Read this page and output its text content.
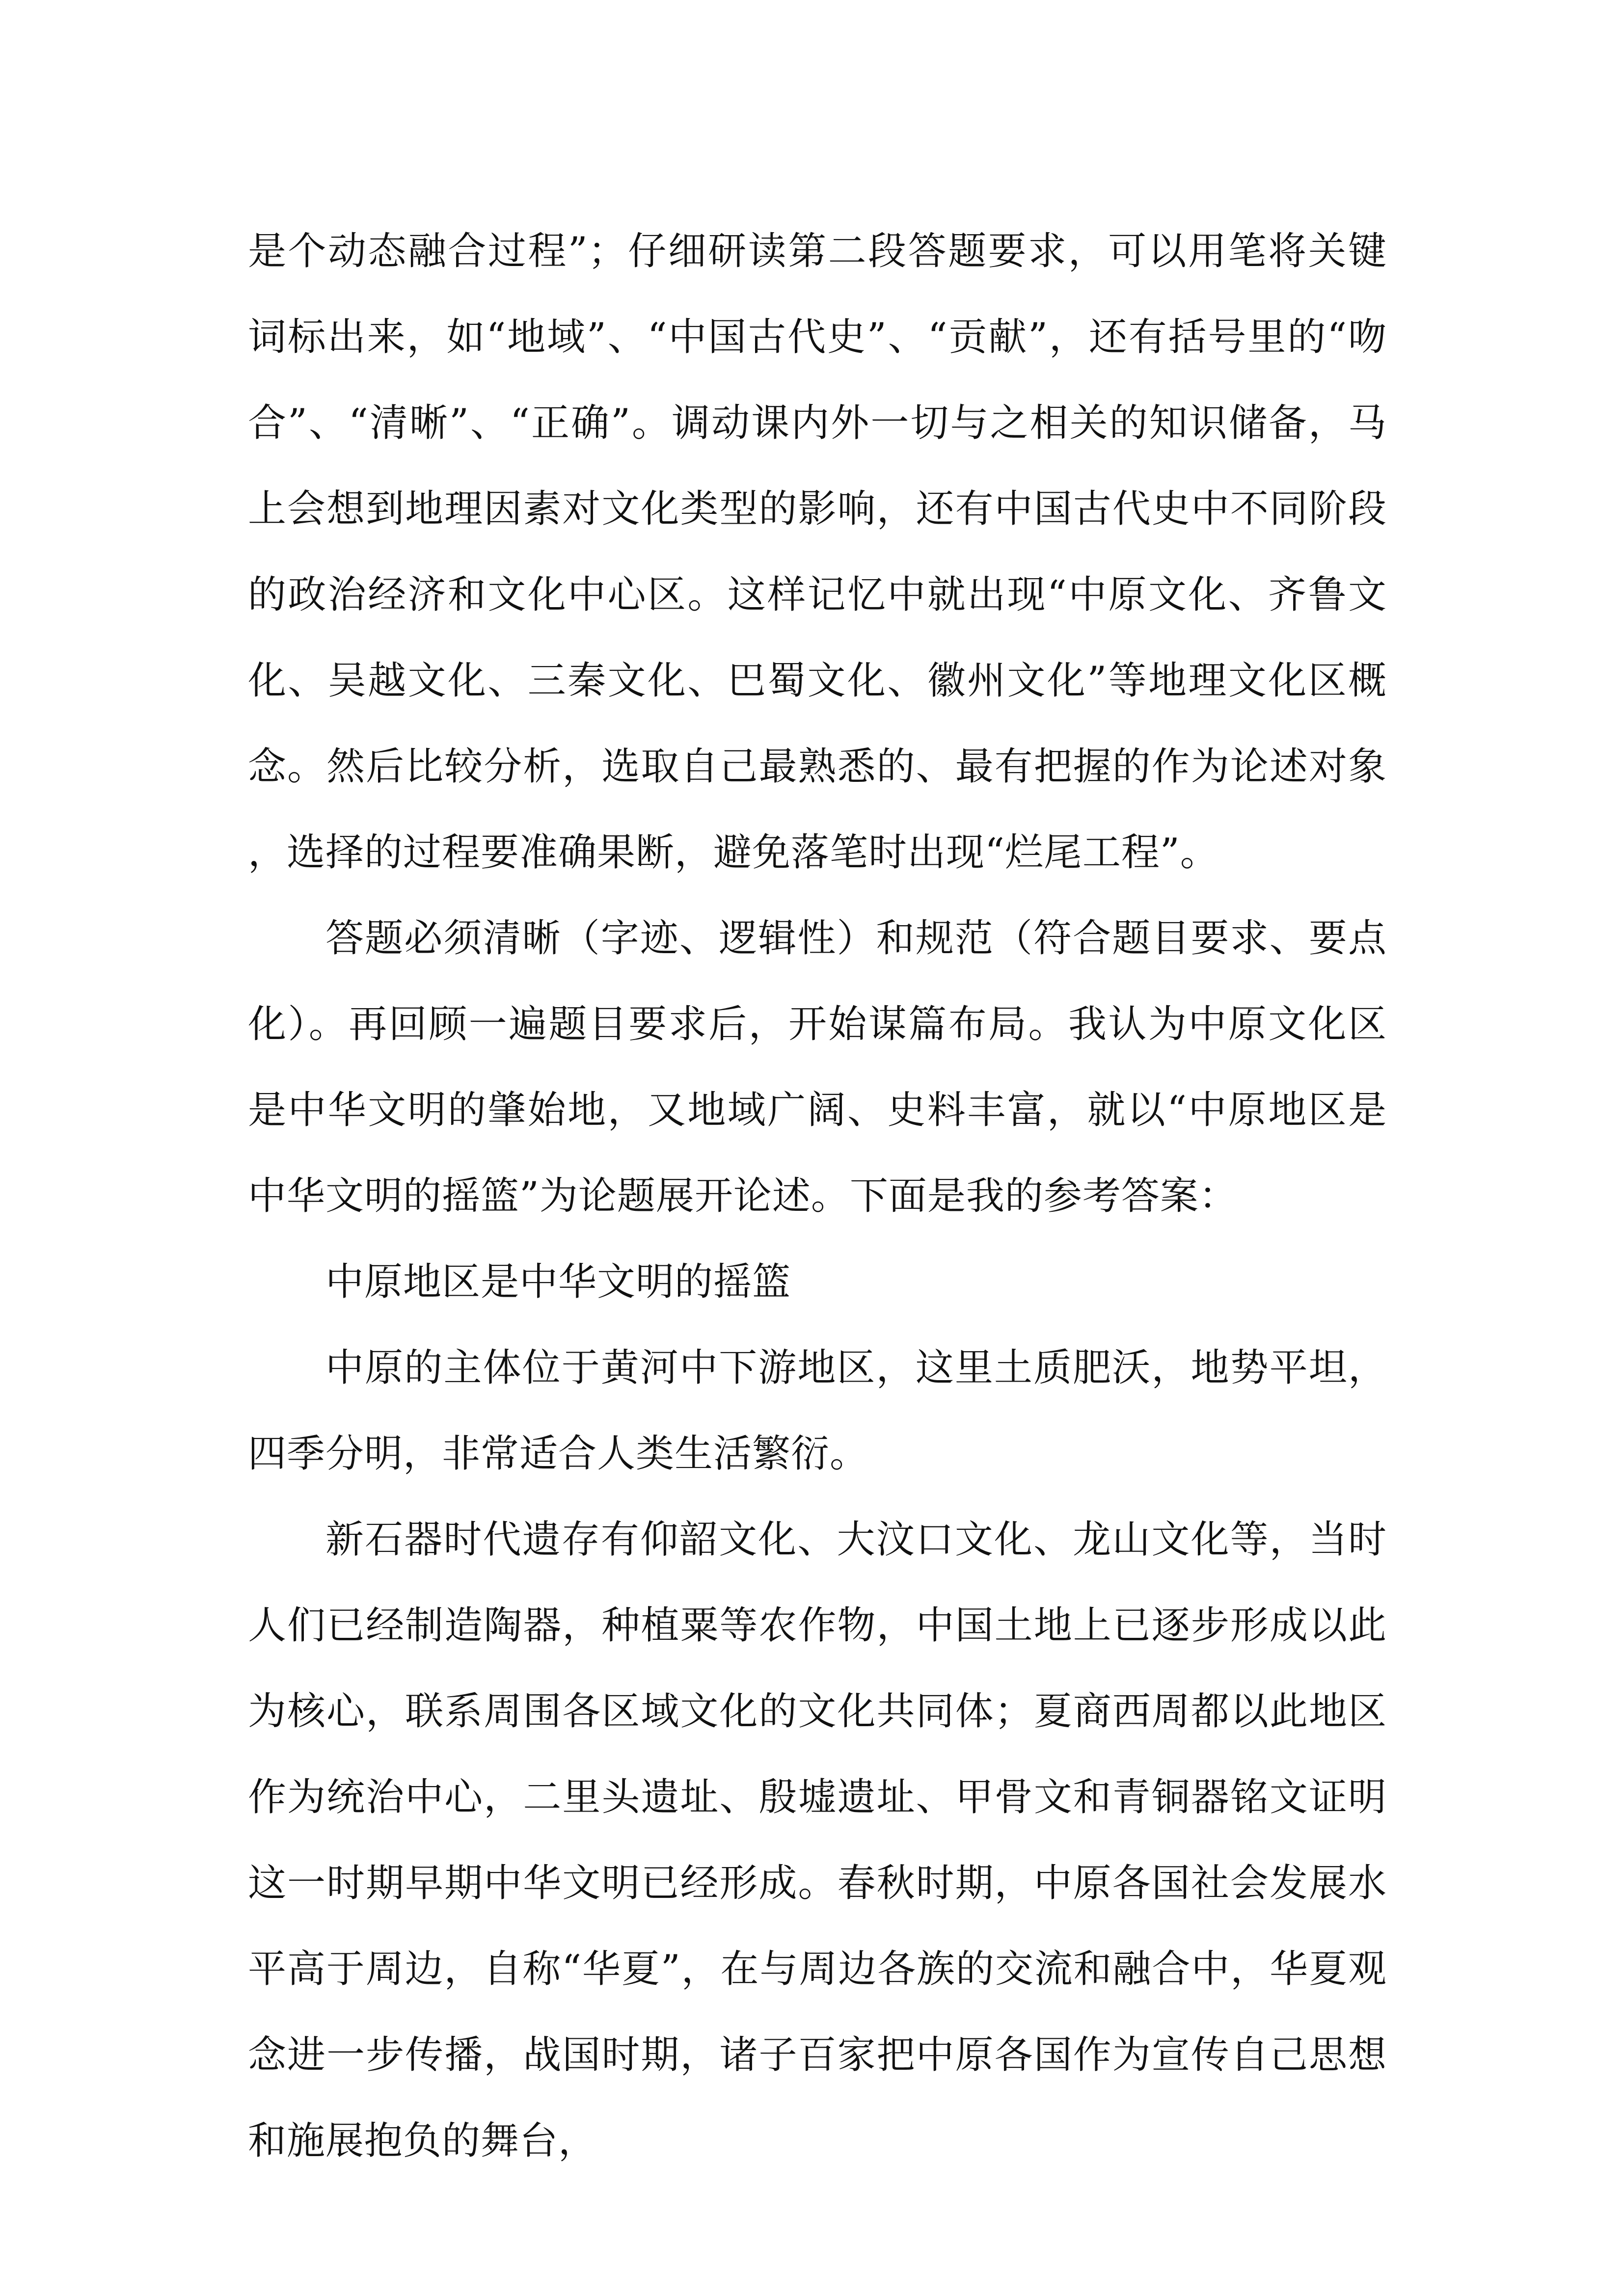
是个动态融合过程”；仔细研读第二段答题要求，可以用笔将关键词标出来，如“地域”、“中国古代史”、“贡献”，还有括号里的“吻合”、“清晰”、“正确”。调动课内外一切与之相关的知识储备，马上会想到地理因素对文化类型的影响，还有中国古代史中不同阶段的政治经济和文化中心区。这样记忆中就出现“中原文化、齐鲁文化、吴越文化、三秦文化、巴蜀文化、徽州文化”等地理文化区概念。然后比较分析，选取自己最熟悉的、最有把握的作为论述对象，选择的过程要准确果断，避免落笔时出现“烂尾工程”。

答题必须清晰（字迹、逻辑性）和规范（符合题目要求、要点化）。再回顾一遍题目要求后，开始谋篇布局。我认为中原文化区是中华文明的肇始地，又地域广阔、史料丰富，就以“中原地区是中华文明的摇篮”为论题展开论述。下面是我的参考答案：

中原地区是中华文明的摇篮

中原的主体位于黄河中下游地区，这里土质肥沃，地势平坦，四季分明，非常适合人类生活繁衍。

新石器时代遗存有仰韶文化、大汶口文化、龙山文化等，当时人们已经制造陶器，种植粟等农作物，中国土地上已逐步形成以此为核心，联系周围各区域文化的文化共同体；夏商西周都以此地区作为统治中心，二里头遗址、殷墟遗址、甲骨文和青铜器铭文证明这一时期早期中华文明已经形成。春秋时期，中原各国社会发展水平高于周边，自称“华夏”，在与周边各族的交流和融合中，华夏观念进一步传播，战国时期，诸子百家把中原各国作为宣传自己思想和施展抱负的舞台，
